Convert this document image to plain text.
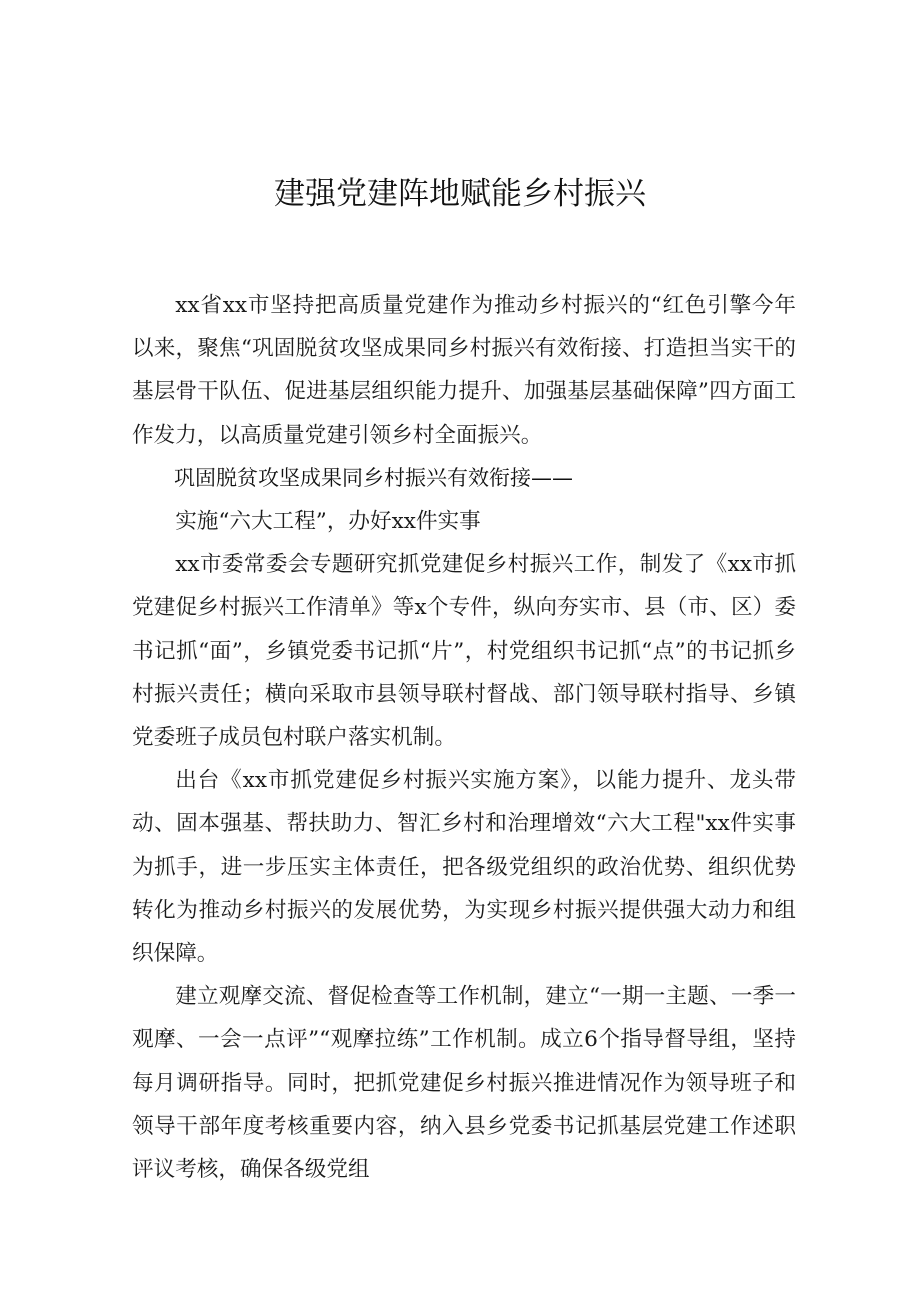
建强党建阵地赋能乡村振兴

xx省xx市坚持把高质量党建作为推动乡村振兴的“红色引擎今年以来，聚焦“巩固脱贫攻坚成果同乡村振兴有效衔接、打造担当实干的基层骨干队伍、促进基层组织能力提升、加强基层基础保障”四方面工作发力，以高质量党建引领乡村全面振兴。

巩固脱贫攻坚成果同乡村振兴有效衔接——

实施“六大工程”，办好xx件实事

xx市委常委会专题研究抓党建促乡村振兴工作，制发了《xx市抓党建促乡村振兴工作清单》等x个专件，纵向夯实市、县（市、区）委书记抓“面”，乡镇党委书记抓“片”，村党组织书记抓“点”的书记抓乡村振兴责任；横向采取市县领导联村督战、部门领导联村指导、乡镇党委班子成员包村联户落实机制。

出台《xx市抓党建促乡村振兴实施方案》，以能力提升、龙头带动、固本强基、帮扶助力、智汇乡村和治理增效“六大工程"xx件实事为抓手，进一步压实主体责任，把各级党组织的政治优势、组织优势转化为推动乡村振兴的发展优势，为实现乡村振兴提供强大动力和组织保障。

建立观摩交流、督促检查等工作机制，建立“一期一主题、一季一观摩、一会一点评”“观摩拉练”工作机制。成立6个指导督导组，坚持每月调研指导。同时，把抓党建促乡村振兴推进情况作为领导班子和领导干部年度考核重要内容，纳入县乡党委书记抓基层党建工作述职评议考核，确保各级党组
